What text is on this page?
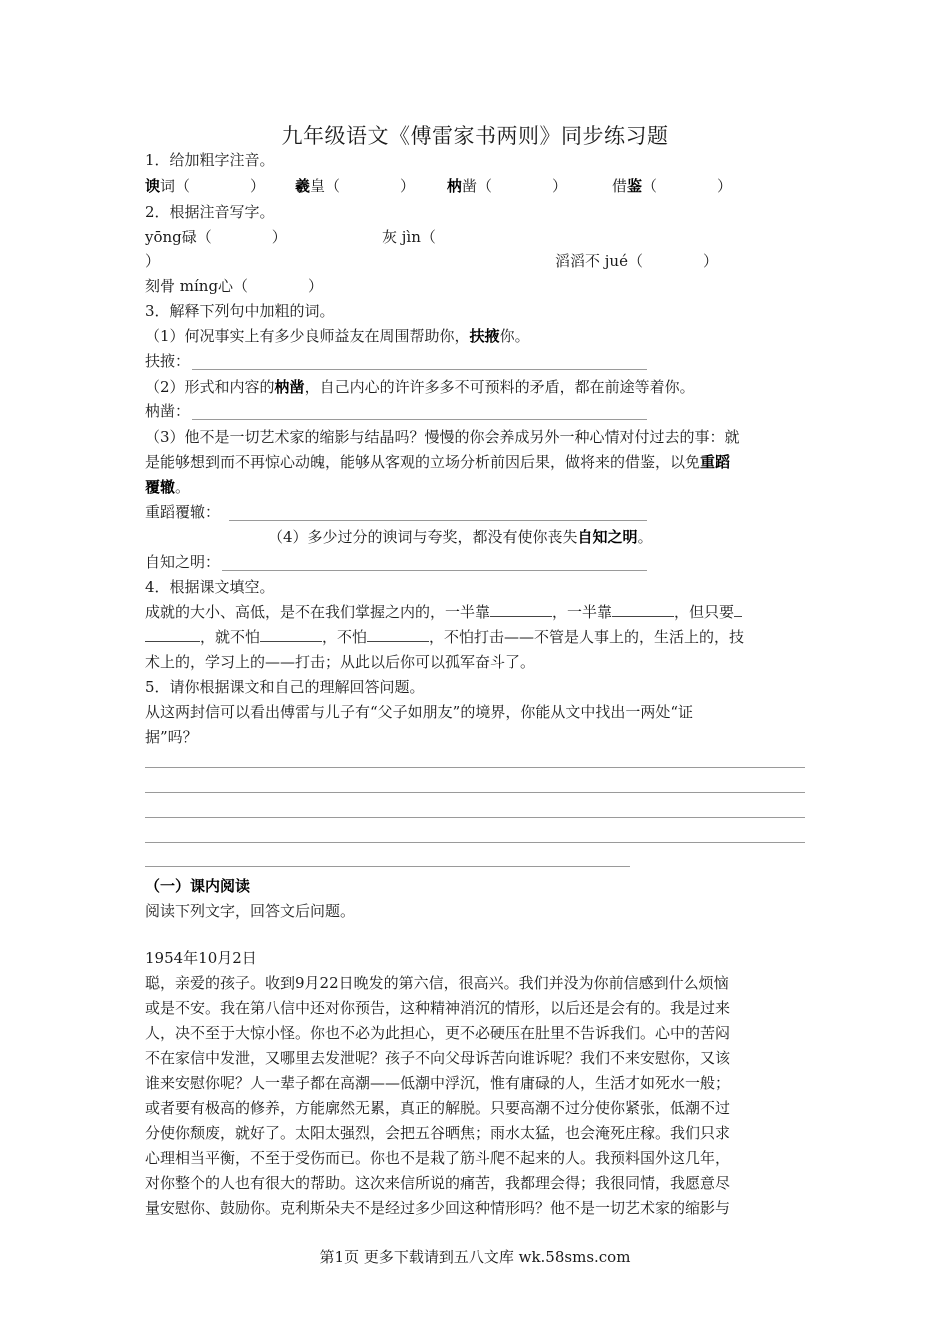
九年级语文《傅雷家书两则》同步练习题
1．给加粗字注音。
谀词（　　　　） 羲皇（　　　　） 枘凿（　　　　）	借鉴（　　　　）
2．根据注音写字。
yōng碌（　　　　）	灰 jìn（
）	滔滔不 jué（　　　　）
刻骨 míng心（　　　　）
3．解释下列句中加粗的词。
（1）何况事实上有多少良师益友在周围帮助你，扶掖你。
扶掖：
（2）形式和内容的枘凿，自己内心的许许多多不可预料的矛盾，都在前途等着你。
枘凿：
（3）他不是一切艺术家的缩影与结晶吗？慢慢的你会养成另外一种心情对付过去的事：就
是能够想到而不再惊心动魄，能够从客观的立场分析前因后果，做将来的借鉴，以免重蹈
覆辙。
重蹈覆辙：
（4）多少过分的谀词与夸奖，都没有使你丧失自知之明。
自知之明：
4．根据课文填空。
成就的大小、高低，是不在我们掌握之内的，一半靠	，一半靠	，但只要
，就不怕	，不怕	，不怕打击——不管是人事上的，生活上的，技
术上的，学习上的——打击；从此以后你可以孤军奋斗了。
5．请你根据课文和自己的理解回答问题。
从这两封信可以看出傅雷与儿子有“父子如朋友”的境界，你能从文中找出一两处“证
据”吗？
（一）课内阅读
阅读下列文字，回答文后问题。
1954年10月2日
聪，亲爱的孩子。收到9月22日晚发的第六信，很高兴。我们并没为你前信感到什么烦恼
或是不安。我在第八信中还对你预告，这种精神消沉的情形，以后还是会有的。我是过来
人，决不至于大惊小怪。你也不必为此担心，更不必硬压在肚里不告诉我们。心中的苦闷
不在家信中发泄，又哪里去发泄呢？孩子不向父母诉苦向谁诉呢？我们不来安慰你，又该
谁来安慰你呢？人一辈子都在高潮——低潮中浮沉，惟有庸碌的人，生活才如死水一般；
或者要有极高的修养，方能廓然无累，真正的解脱。只要高潮不过分使你紧张，低潮不过
分使你颓废，就好了。太阳太强烈，会把五谷晒焦；雨水太猛，也会淹死庄稼。我们只求
心理相当平衡，不至于受伤而已。你也不是栽了筋斗爬不起来的人。我预料国外这几年，
对你整个的人也有很大的帮助。这次来信所说的痛苦，我都理会得；我很同情，我愿意尽
量安慰你、鼓励你。克利斯朵夫不是经过多少回这种情形吗？他不是一切艺术家的缩影与
第1页 更多下载请到五八文库 wk.58sms.com
